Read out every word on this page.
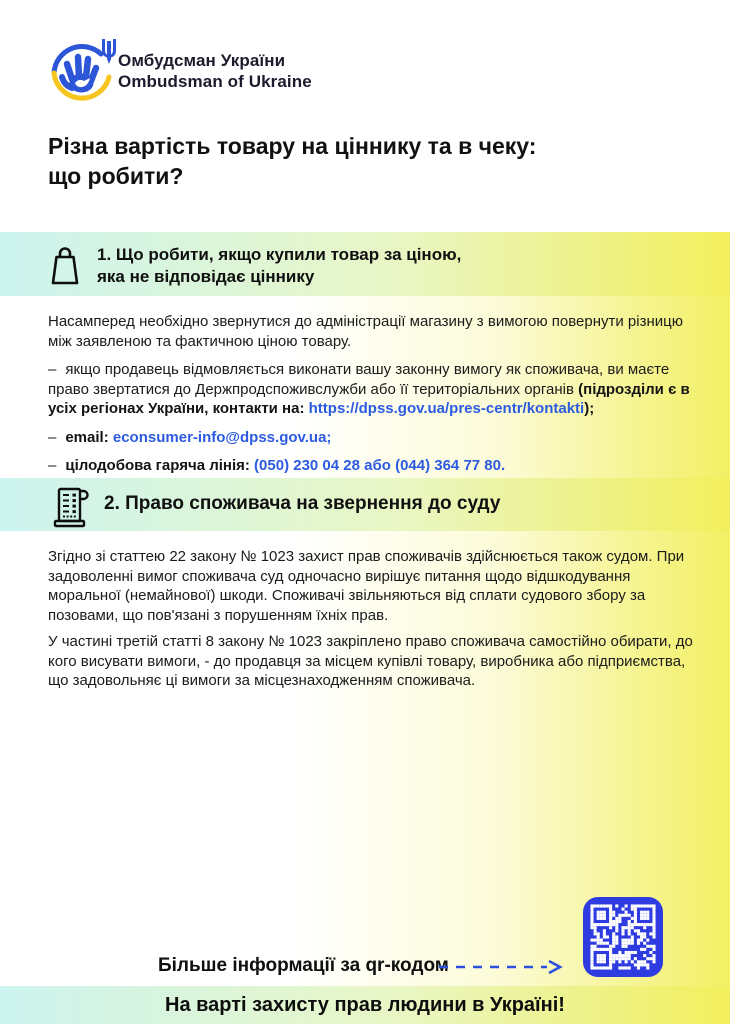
Омбудсман України
Ombudsman of Ukraine
Різна вартість товару на ціннику та в чеку:
що робити?
1. Що робити, якщо купили товар за ціною,
яка не відповідає ціннику

Насамперед необхідно звернутися до адміністрації магазину з вимогою повернути різницю між заявленою та фактичною ціною товару.

– якщо продавець відмовляється виконати вашу законну вимогу як споживача, ви маєте право звертатися до Держпродспоживслужби або її територіальних органів (підрозділи є в усіх регіонах України, контакти на: https://dpss.gov.ua/pres-centr/kontakti);

– email: econsumer-info@dpss.gov.ua;

– цілодобова гаряча лінія: (050) 230 04 28 або (044) 364 77 80.

2. Право споживача на звернення до суду

Згідно зі статтею 22 закону № 1023 захист прав споживачів здійснюється також судом. При задоволенні вимог споживача суд одночасно вирішує питання щодо відшкодування моральної (немайнової) шкоди. Споживачі звільняються від сплати судового збору за позовами, що пов'язані з порушенням їхніх прав.

У частині третій статті 8 закону № 1023 закріплено право споживача самостійно обирати, до кого висувати вимоги, - до продавця за місцем купівлі товару, виробника або підприємства, що задовольняє ці вимоги за місцезнаходженням споживача.

Більше інформації за qr-кодом
На варті захисту прав людини в Україні!
